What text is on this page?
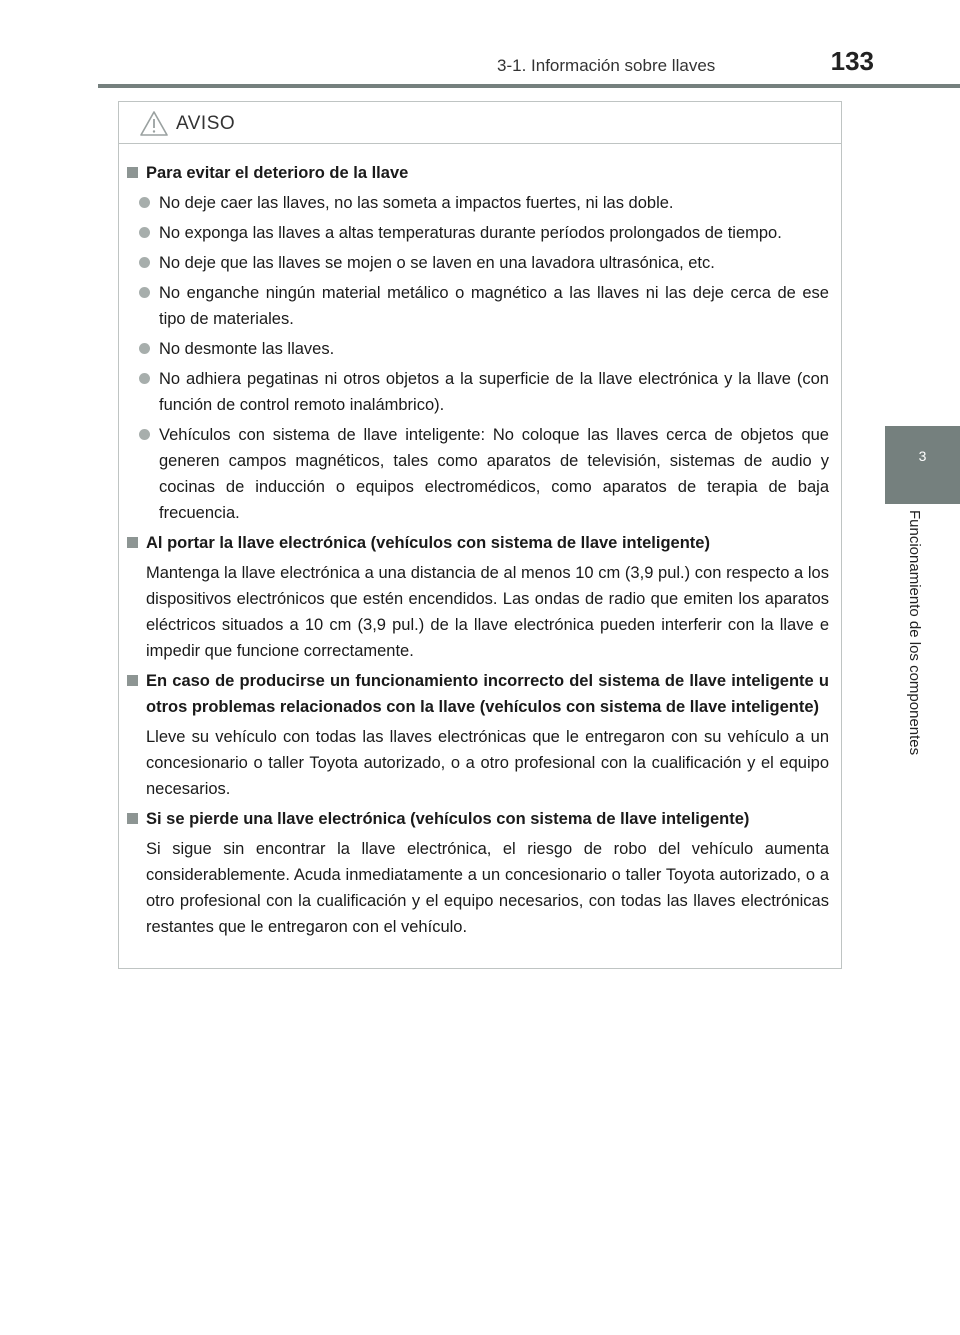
3-1. Información sobre llaves	133
3
Funcionamiento de los componentes
AVISO
Para evitar el deterioro de la llave
No deje caer las llaves, no las someta a impactos fuertes, ni las doble.
No exponga las llaves a altas temperaturas durante períodos prolongados de tiempo.
No deje que las llaves se mojen o se laven en una lavadora ultrasónica, etc.
No enganche ningún material metálico o magnético a las llaves ni las deje cerca de ese tipo de materiales.
No desmonte las llaves.
No adhiera pegatinas ni otros objetos a la superficie de la llave electrónica y la llave (con función de control remoto inalámbrico).
Vehículos con sistema de llave inteligente: No coloque las llaves cerca de objetos que generen campos magnéticos, tales como aparatos de televisión, sistemas de audio y cocinas de inducción o equipos electromédicos, como aparatos de terapia de baja frecuencia.
Al portar la llave electrónica (vehículos con sistema de llave inteligente)
Mantenga la llave electrónica a una distancia de al menos 10 cm (3,9 pul.) con respecto a los dispositivos electrónicos que estén encendidos. Las ondas de radio que emiten los aparatos eléctricos situados a 10 cm (3,9 pul.) de la llave electrónica pueden interferir con la llave e impedir que funcione correctamente.
En caso de producirse un funcionamiento incorrecto del sistema de llave inteligente u otros problemas relacionados con la llave (vehículos con sistema de llave inteligente)
Lleve su vehículo con todas las llaves electrónicas que le entregaron con su vehículo a un concesionario o taller Toyota autorizado, o a otro profesional con la cualificación y el equipo necesarios.
Si se pierde una llave electrónica (vehículos con sistema de llave inteligente)
Si sigue sin encontrar la llave electrónica, el riesgo de robo del vehículo aumenta considerablemente. Acuda inmediatamente a un concesionario o taller Toyota autorizado, o a otro profesional con la cualificación y el equipo necesarios, con todas las llaves electrónicas restantes que le entregaron con el vehículo.
